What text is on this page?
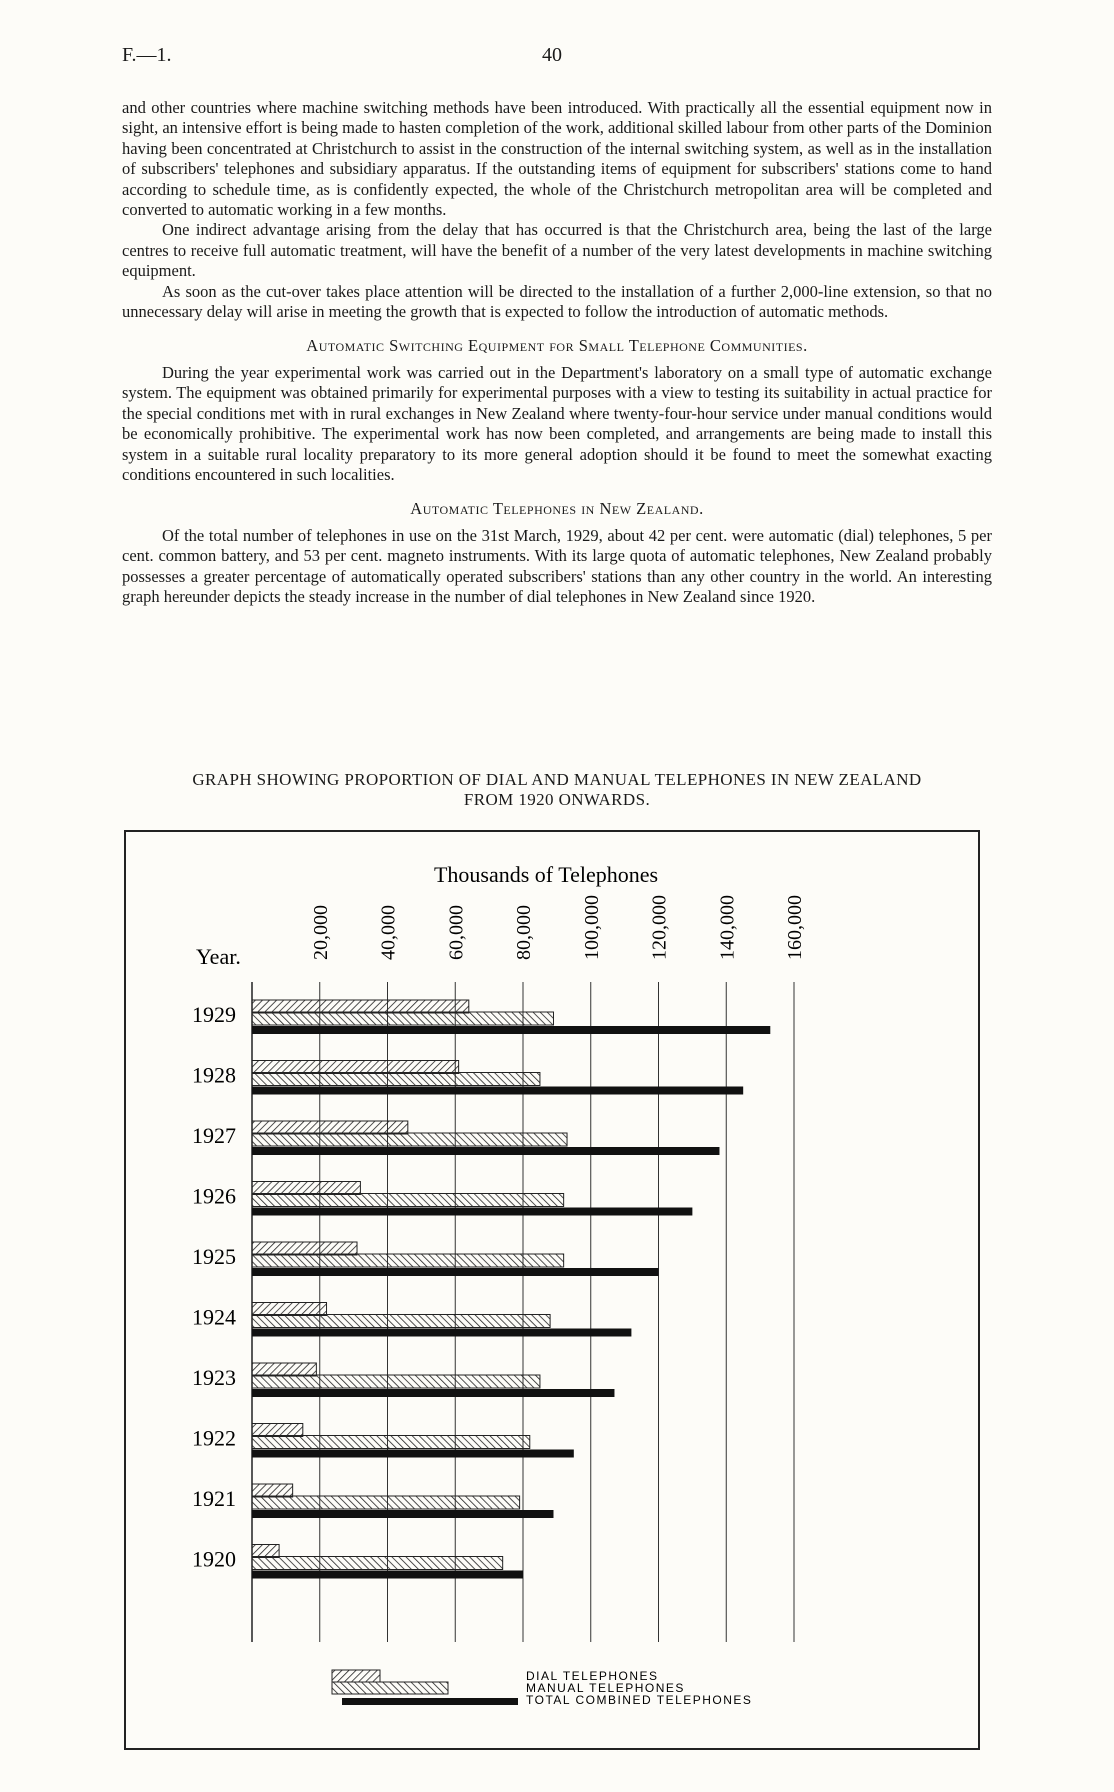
F.—1.	40

and other countries where machine switching methods have been introduced. With practically all the essential equipment now in sight, an intensive effort is being made to hasten completion of the work, additional skilled labour from other parts of the Dominion having been concentrated at Christchurch to assist in the construction of the internal switching system, as well as in the installation of subscribers' telephones and subsidiary apparatus. If the outstanding items of equipment for subscribers' stations come to hand according to schedule time, as is confidently expected, the whole of the Christchurch metropolitan area will be completed and converted to automatic working in a few months.

One indirect advantage arising from the delay that has occurred is that the Christchurch area, being the last of the large centres to receive full automatic treatment, will have the benefit of a number of the very latest developments in machine switching equipment.

As soon as the cut-over takes place attention will be directed to the installation of a further 2,000-line extension, so that no unnecessary delay will arise in meeting the growth that is expected to follow the introduction of automatic methods.

Automatic Switching Equipment for Small Telephone Communities.

During the year experimental work was carried out in the Department's laboratory on a small type of automatic exchange system. The equipment was obtained primarily for experimental purposes with a view to testing its suitability in actual practice for the special conditions met with in rural exchanges in New Zealand where twenty-four-hour service under manual conditions would be economically prohibitive. The experimental work has now been completed, and arrangements are being made to install this system in a suitable rural locality preparatory to its more general adoption should it be found to meet the somewhat exacting conditions encountered in such localities.

Automatic Telephones in New Zealand.

Of the total number of telephones in use on the 31st March, 1929, about 42 per cent. were automatic (dial) telephones, 5 per cent. common battery, and 53 per cent. magneto instruments. With its large quota of automatic telephones, New Zealand probably possesses a greater percentage of automatically operated subscribers' stations than any other country in the world. An interesting graph hereunder depicts the steady increase in the number of dial telephones in New Zealand since 1920.

GRAPH SHOWING PROPORTION OF DIAL AND MANUAL TELEPHONES IN NEW ZEALAND
FROM 1920 ONWARDS.
Thousands of Telephones
Year.	20,000 40,000 60,000 80,000 100,000 120,000 140,000 160,000
1929
1928
1927
1926
1925
1924
1923
1922
1921
1920
DIAL TELEPHONES
MANUAL TELEPHONES
TOTAL COMBINED TELEPHONES
